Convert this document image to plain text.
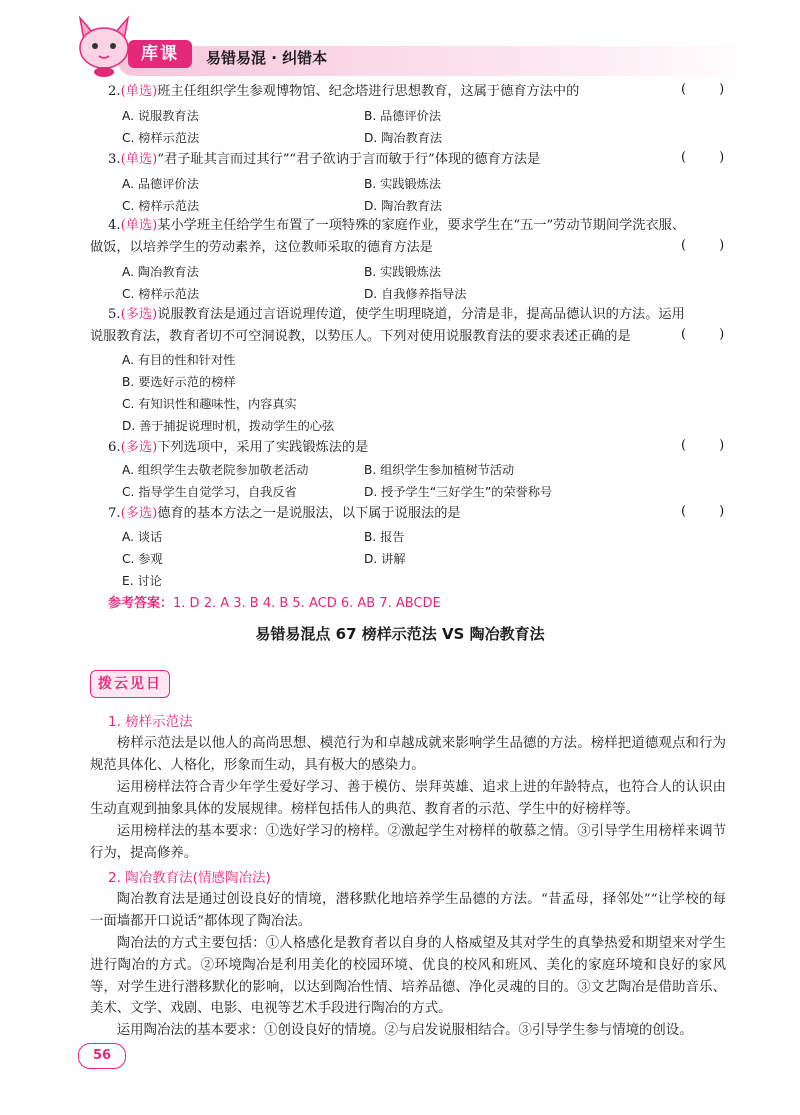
库课	易错易混 · 纠错本
2.(单选)班主任组织学生参观博物馆、纪念塔进行思想教育，这属于德育方法中的	(        )
A. 说服教育法	B. 品德评价法
C. 榜样示范法	D. 陶冶教育法
3.(单选)“君子耻其言而过其行”“君子欲讷于言而敏于行”体现的德育方法是	(        )
A. 品德评价法	B. 实践锻炼法
C. 榜样示范法	D. 陶冶教育法
4.(单选)某小学班主任给学生布置了一项特殊的家庭作业，要求学生在“五一”劳动节期间学洗衣服、
做饭，以培养学生的劳动素养，这位教师采取的德育方法是	(        )
A. 陶冶教育法	B. 实践锻炼法
C. 榜样示范法	D. 自我修养指导法
5.(多选)说服教育法是通过言语说理传道，使学生明理晓道，分清是非，提高品德认识的方法。运用
说服教育法，教育者切不可空洞说教，以势压人。下列对使用说服教育法的要求表述正确的是	(        )
A. 有目的性和针对性
B. 要选好示范的榜样
C. 有知识性和趣味性，内容真实
D. 善于捕捉说理时机，拨动学生的心弦
6.(多选)下列选项中，采用了实践锻炼法的是	(        )
A. 组织学生去敬老院参加敬老活动	B. 组织学生参加植树节活动
C. 指导学生自觉学习，自我反省	D. 授予学生“三好学生”的荣誉称号
7.(多选)德育的基本方法之一是说服法，以下属于说服法的是	(        )
A. 谈话	B. 报告
C. 参观	D. 讲解
E. 讨论
参考答案：1. D 2. A 3. B 4. B 5. ACD 6. AB 7. ABCDE
易错易混点 67 榜样示范法 VS 陶冶教育法
拨云见日
1. 榜样示范法
榜样示范法是以他人的高尚思想、模范行为和卓越成就来影响学生品德的方法。榜样把道德观点和行为规范具体化、人格化，形象而生动，具有极大的感染力。
运用榜样法符合青少年学生爱好学习、善于模仿、崇拜英雄、追求上进的年龄特点，也符合人的认识由生动直观到抽象具体的发展规律。榜样包括伟人的典范、教育者的示范、学生中的好榜样等。
运用榜样法的基本要求：①选好学习的榜样。②激起学生对榜样的敬慕之情。③引导学生用榜样来调节行为，提高修养。
2. 陶冶教育法(情感陶冶法)
陶冶教育法是通过创设良好的情境，潜移默化地培养学生品德的方法。“昔孟母，择邻处”“让学校的每一面墙都开口说话”都体现了陶冶法。
陶冶法的方式主要包括：①人格感化是教育者以自身的人格威望及其对学生的真挚热爱和期望来对学生进行陶冶的方式。②环境陶冶是利用美化的校园环境、优良的校风和班风、美化的家庭环境和良好的家风等，对学生进行潜移默化的影响，以达到陶冶性情、培养品德、净化灵魂的目的。③文艺陶冶是借助音乐、美术、文学、戏剧、电影、电视等艺术手段进行陶冶的方式。
运用陶冶法的基本要求：①创设良好的情境。②与启发说服相结合。③引导学生参与情境的创设。
56
